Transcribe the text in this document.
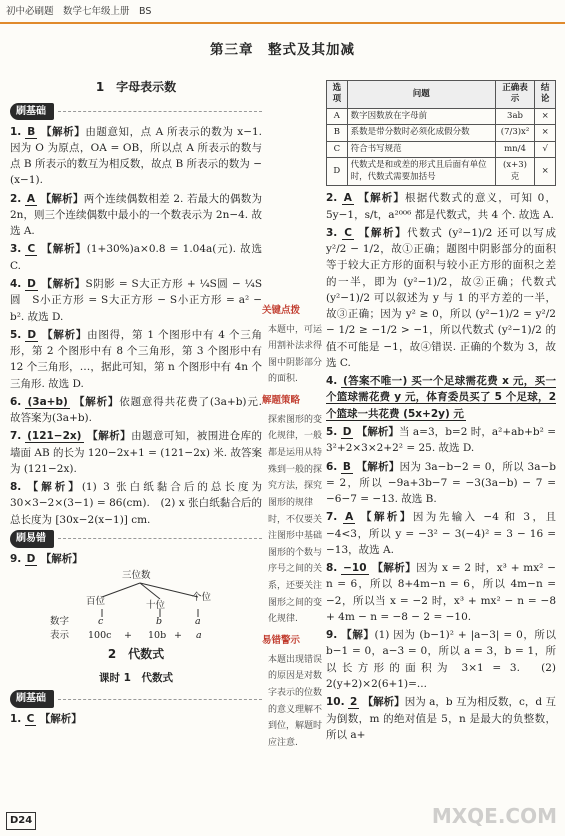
初中必刷题　数学七年级上册　BS
第三章　整式及其加减
1　字母表示数
刷基础
1. B 【解析】由题意知，点 A 所表示的数为 x−1. 因为 O 为原点，OA = OB，所以点 A 所表示的数与点 B 所表示的数互为相反数，故点 B 所表示的数为 −(x−1).
2. A 【解析】两个连续偶数相差 2. 若最大的偶数为 2n，则三个连续偶数中最小的一个数表示为 2n−4. 故选 A.
3. C 【解析】(1+30%)a×0.8 = 1.04a(元). 故选 C.
4. D 【解析】S阴影 = S大正方形 + ¼S圆 − ¼S圆　S小正方形 = S大正方形 − S小正方形 = a² − b². 故选 D.
5. D 【解析】由图得，第 1 个图形中有 4 个三角形，第 2 个图形中有 8 个三角形，第 3 个图形中有 12 个三角形，…，据此可知，第 n 个图形中有 4n 个三角形. 故选 D.
6. (3a+b) 【解析】依题意得共花费了(3a+b)元. 故答案为(3a+b).
7. (121−2x) 【解析】由题意可知，被围进仓库的墙面 AB 的长为 120−2x+1 = (121−2x) 米. 故答案为 (121−2x).
8. 【解析】(1) 3 张白纸黏合后的总长度为 30×3−2×(3−1) = 86(cm).　(2) x 张白纸黏合后的总长度为 [30x−2(x−1)] cm.
刷易错
9. D 【解析】
三位数
百位	十位
个位
数字	c	b	a
表示 100c + 10b + a
2　代数式
课时 1　代数式
刷基础
1. C 【解析】
关键点拨
本题中，可运用割补法求得图中阴影部分的面积.
解题策略
探索图形的变化规律，一般都是运用从特殊到一般的探究方法，探究图形的规律时，不仅要关注图形中基础图形的个数与序号之间的关系，还要关注图形之间的变化规律.
易错警示
本题出现错误的原因是对数字表示的位数的意义理解不到位，解题时应注意.
选项	问题	正确表示	结论
A	数字因数放在字母前	3ab	×
B	系数是带分数时必须化成假分数	(7/3)x²	×
C	符合书写规范	mn/4	√
D	代数式是和或差的形式且后面有单位时，代数式需要加括号	(x+3) 克	×
2. A 【解析】根据代数式的意义，可知 0，5y−1，s/t，a²⁰⁰⁶ 都是代数式，共 4 个. 故选 A.
3. C 【解析】代数式 (y²−1)/2 还可以写成 y²/2 − 1/2，故①正确；题图中阴影部分的面积等于较大正方形的面积与较小正方形的面积之差的一半，即为 (y²−1)/2，故②正确；代数式 (y²−1)/2 可以叙述为 y 与 1 的平方差的一半，故③正确；因为 y² ≥ 0，所以 (y²−1)/2 = y²/2 − 1/2 ≥ −1/2 > −1，所以代数式 (y²−1)/2 的值不可能是 −1，故④错误. 正确的个数为 3，故选 C.
4. (答案不唯一) 买一个足球需花费 x 元，买一个篮球需花费 y 元，体育委员买了 5 个足球，2 个篮球一共花费 (5x+2y) 元
5. D 【解析】当 a=3，b=2 时，a²+ab+b² = 3²+2×3×2+2² = 25. 故选 D.
6. B 【解析】因为 3a−b−2 = 0，所以 3a−b = 2，所以 −9a+3b−7 = −3(3a−b) − 7 = −6−7 = −13. 故选 B.
7. A 【解析】因为先输入 −4 和 3，且 −4<3，所以 y = −3² − 3(−4)² = 3 − 16 = −13，故选 A.
8. −10 【解析】因为 x = 2 时，x³ + mx² − n = 6，所以 8+4m−n = 6，所以 4m−n = −2，所以当 x = −2 时，x³ + mx² − n = −8 + 4m − n = −8 − 2 = −10.
9. 【解】(1) 因为 (b−1)² + |a−3| = 0，所以 b−1 = 0，a−3 = 0，所以 a = 3，b = 1，所以长方形的面积为 3×1 = 3.　(2) 2(y+2)×2(6+1)=...
10. 2 【解析】因为 a，b 互为相反数，c，d 互为倒数，m 的绝对值是 5，n 是最大的负整数，所以 a+
D24	MXQE.COM
